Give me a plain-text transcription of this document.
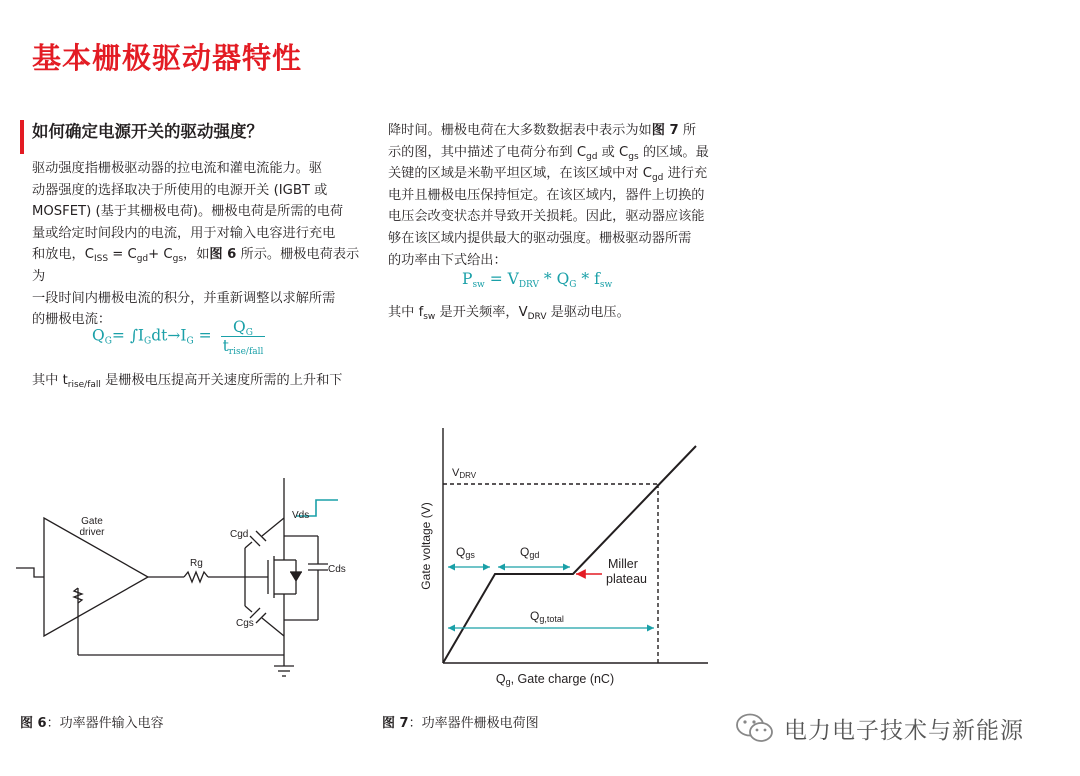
基本栅极驱动器特性
如何确定电源开关的驱动强度？

驱动强度指栅极驱动器的拉电流和灌电流能力。驱

动器强度的选择取决于所使用的电源开关 (IGBT 或

MOSFET) (基于其栅极电荷)。栅极电荷是所需的电荷

量或给定时间段内的电流，用于对输入电容进行充电

和放电，$C_{ISS} = C_{gd}+ C_{gs}$，如图 6 所示。栅极电荷表示为

一段时间内栅极电流的积分，并重新调整以求解所需

的栅极电流：

$Q_G= \int I_Gdt\to I_G = \frac{Q_G}{t_{rise/fall}}$

其中 $t_{rise/fall}$ 是栅极电压提高开关速度所需的上升和下

降时间。栅极电荷在大多数数据表中表示为如图 7 所

示的图，其中描述了电荷分布到 $C_{gd}$ 或 $C_{gs}$ 的区域。最

关键的区域是米勒平坦区域，在该区域中对 $C_{gd}$ 进行充

电并且栅极电压保持恒定。在该区域内，器件上切换的

电压会改变状态并导致开关损耗。因此，驱动器应该能

够在该区域内提供最大的驱动强度。栅极驱动器所需

的功率由下式给出：

$P_{sw} = V_{DRV} * Q_G * f_{sw}$

其中 $f_{sw}$ 是开关频率，$V_{DRV}$ 是驱动电压。

Gate
driver
Rg
Cgd
Cgs
Cds
Vds
VDRV
Gate voltage (V) Qgs	Qgd
Qg,total
Miller
plateau
Qg, Gate charge (nC)
图 6：功率器件输入电容	图 7：功率器件栅极电荷图	电力电子技术与新能源
